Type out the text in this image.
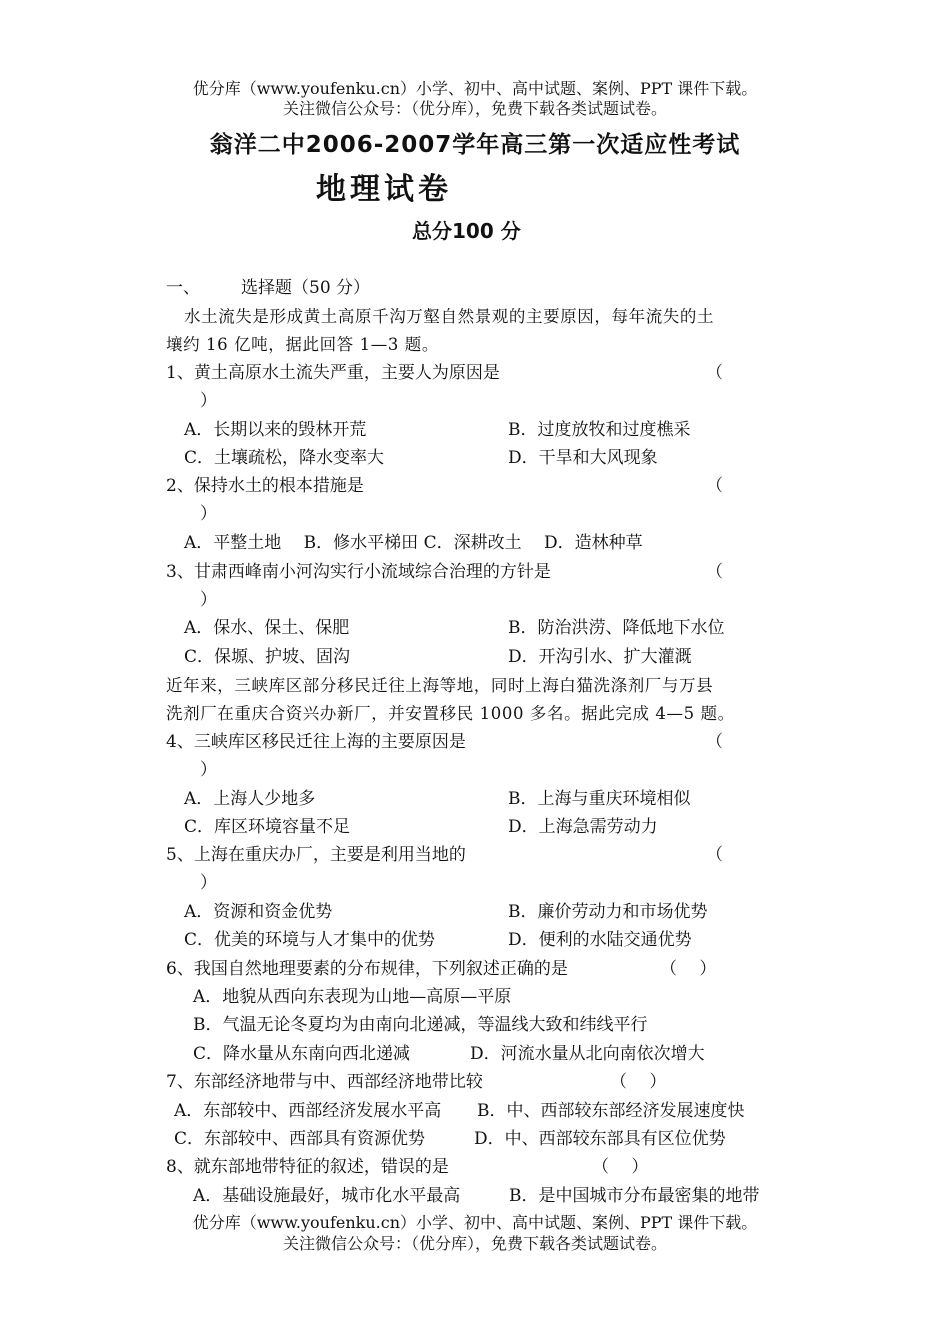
优分库（www.youfenku.cn）小学、初中、高中试题、案例、PPT 课件下载。
关注微信公众号：（优分库），免费下载各类试题试卷。
翁洋二中2006-2007学年高三第一次适应性考试
地理试卷
总分100 分
一、 选择题（50 分）
水土流失是形成黄土高原千沟万壑自然景观的主要原因，每年流失的土
壤约 16 亿吨，据此回答 1—3 题。
1、黄土高原水土流失严重，主要人为原因是	（
）
A．长期以来的毁林开荒	B．过度放牧和过度樵采
C．土壤疏松，降水变率大	D．干旱和大风现象
2、保持水土的根本措施是	（
）
A．平整土地　 B．修水平梯田 C．深耕改土　 D．造林种草
3、甘肃西峰南小河沟实行小流域综合治理的方针是	（
）
A．保水、保土、保肥	B．防治洪涝、降低地下水位
C．保塬、护坡、固沟	D．开沟引水、扩大灌溉
近年来，三峡库区部分移民迁往上海等地，同时上海白猫洗涤剂厂与万县
洗剂厂在重庆合资兴办新厂，并安置移民 1000 多名。据此完成 4—5 题。
4、三峡库区移民迁往上海的主要原因是	（
）
A．上海人少地多	B．上海与重庆环境相似
C．库区环境容量不足	D．上海急需劳动力
5、上海在重庆办厂，主要是利用当地的	（
）
A．资源和资金优势	B．廉价劳动力和市场优势
C．优美的环境与人才集中的优势	D．便利的水陆交通优势
6、我国自然地理要素的分布规律，下列叙述正确的是	（　 ）
A．地貌从西向东表现为山地—高原—平原
B．气温无论冬夏均为由南向北递减，等温线大致和纬线平行
C．降水量从东南向西北递减	D．河流水量从北向南依次增大
7、东部经济地带与中、西部经济地带比较	（　 ）
A．东部较中、西部经济发展水平高 B．中、西部较东部经济发展速度快
C．东部较中、西部具有资源优势	D．中、西部较东部具有区位优势
8、就东部地带特征的叙述，错误的是	（　 ）
A．基础设施最好，城市化水平最高	B．是中国城市分布最密集的地带
优分库（www.youfenku.cn）小学、初中、高中试题、案例、PPT 课件下载。
关注微信公众号：（优分库），免费下载各类试题试卷。
